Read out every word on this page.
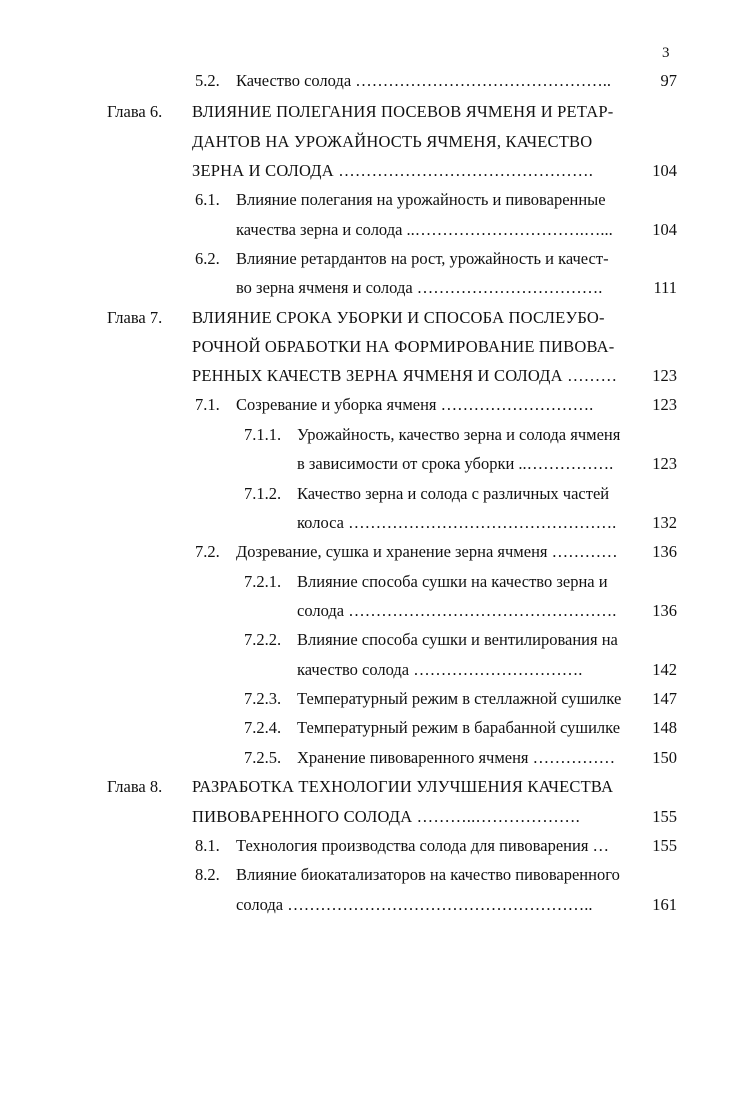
3
5.2. Качество солода ………………………………………..	97
Глава 6. ВЛИЯНИЕ ПОЛЕГАНИЯ ПОСЕВОВ ЯЧМЕНЯ И РЕТАР-
ДАНТОВ НА УРОЖАЙНОСТЬ ЯЧМЕНЯ, КАЧЕСТВО
ЗЕРНА И СОЛОДА ……………………………………….	104
6.1. Влияние полегания на урожайность и пивоваренные
качества зерна и солода ..………………………….…... 104
6.2. Влияние ретардантов на рост, урожайность и качест-
во зерна ячменя и солода …………………………….	111
Глава 7. ВЛИЯНИЕ СРОКА УБОРКИ И СПОСОБА ПОСЛЕУБО-
РОЧНОЙ ОБРАБОТКИ НА ФОРМИРОВАНИЕ ПИВОВА-
РЕННЫХ КАЧЕСТВ ЗЕРНА ЯЧМЕНЯ И СОЛОДА ……… 123
7.1. Созревание и уборка ячменя ……………………….	123
7.1.1. Урожайность, качество зерна и солода ячменя
в зависимости от срока уборки ..……………. 123
7.1.2. Качество зерна и солода с различных частей
колоса …………………………………………. 132
7.2. Дозревание, сушка и хранение зерна ячменя ………… 136
7.2.1. Влияние способа сушки на качество зерна и
солода …………………………………………. 136
7.2.2. Влияние способа сушки и вентилирования на
качество солода ………………………….	142
7.2.3. Температурный режим в стеллажной сушилке 147
7.2.4. Температурный режим в барабанной сушилке 148
7.2.5. Хранение пивоваренного ячменя …………… 150
Глава 8. РАЗРАБОТКА ТЕХНОЛОГИИ УЛУЧШЕНИЯ КАЧЕСТВА
ПИВОВАРЕННОГО СОЛОДА ………..……………….	155
8.1. Технология производства солода для пивоварения …	155
8.2. Влияние биокатализаторов на качество пивоваренного
солода ………………………………………………..	161
